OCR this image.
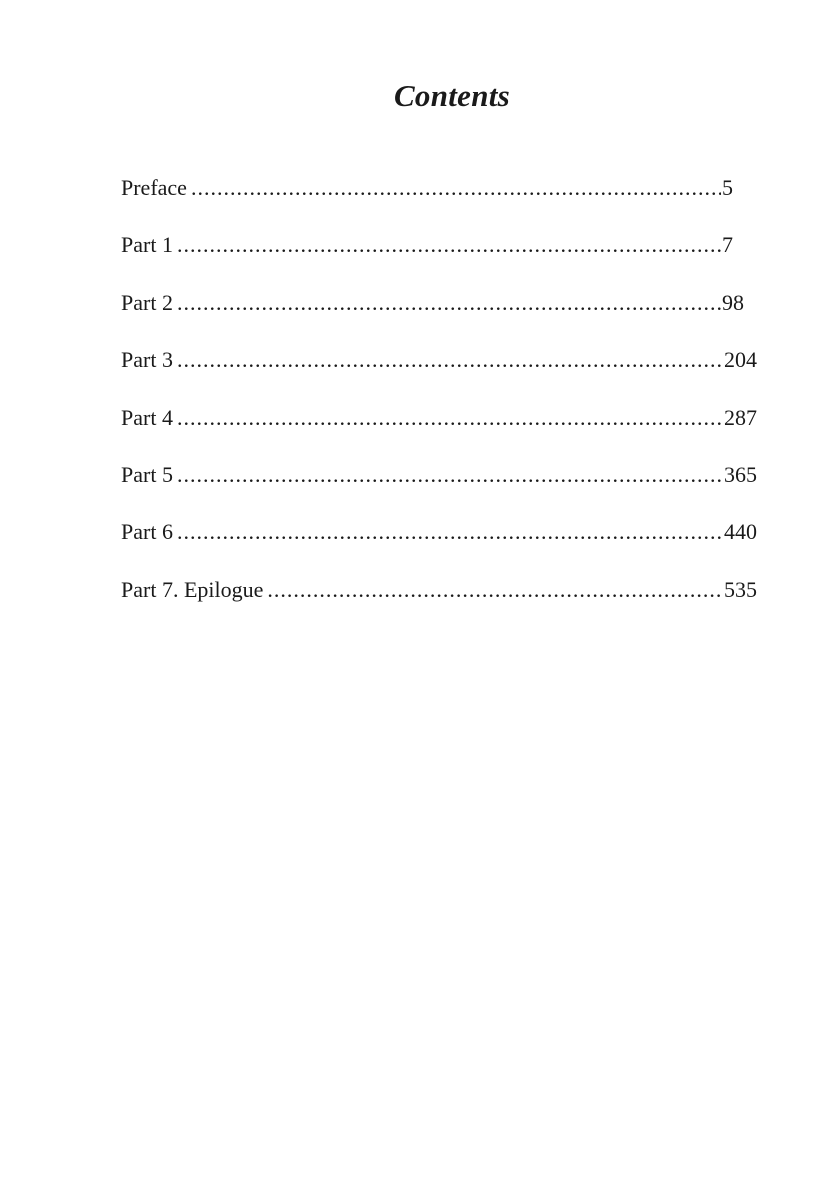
Contents
Preface .....	5
Part 1 .....	7
Part 2 .....	98
Part 3 .....	204
Part 4 .....	287
Part 5 .....	365
Part 6 .....	440
Part 7. Epilogue .....	535
